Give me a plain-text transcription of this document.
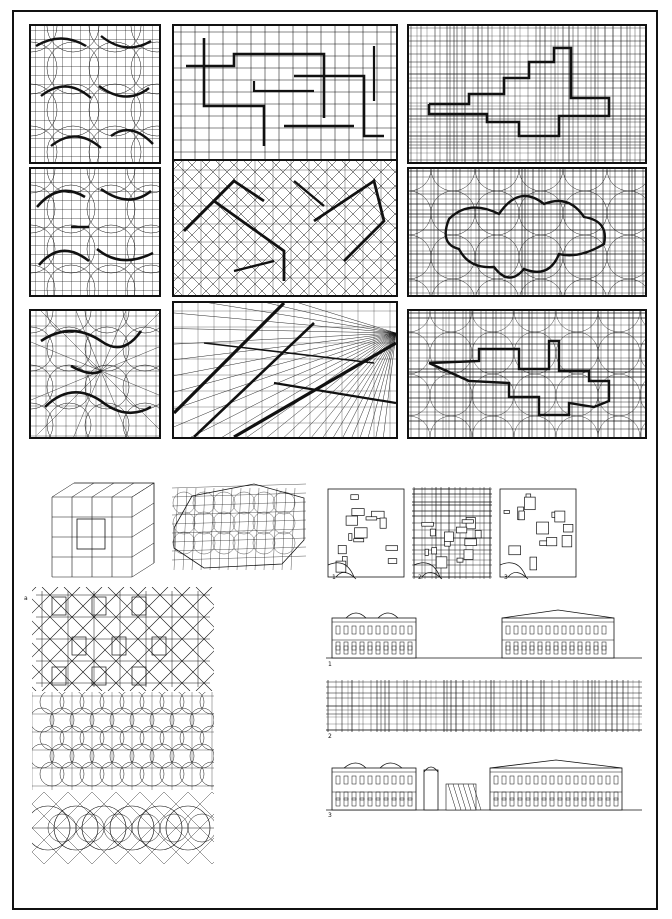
a
1	2	3
1
2
3
